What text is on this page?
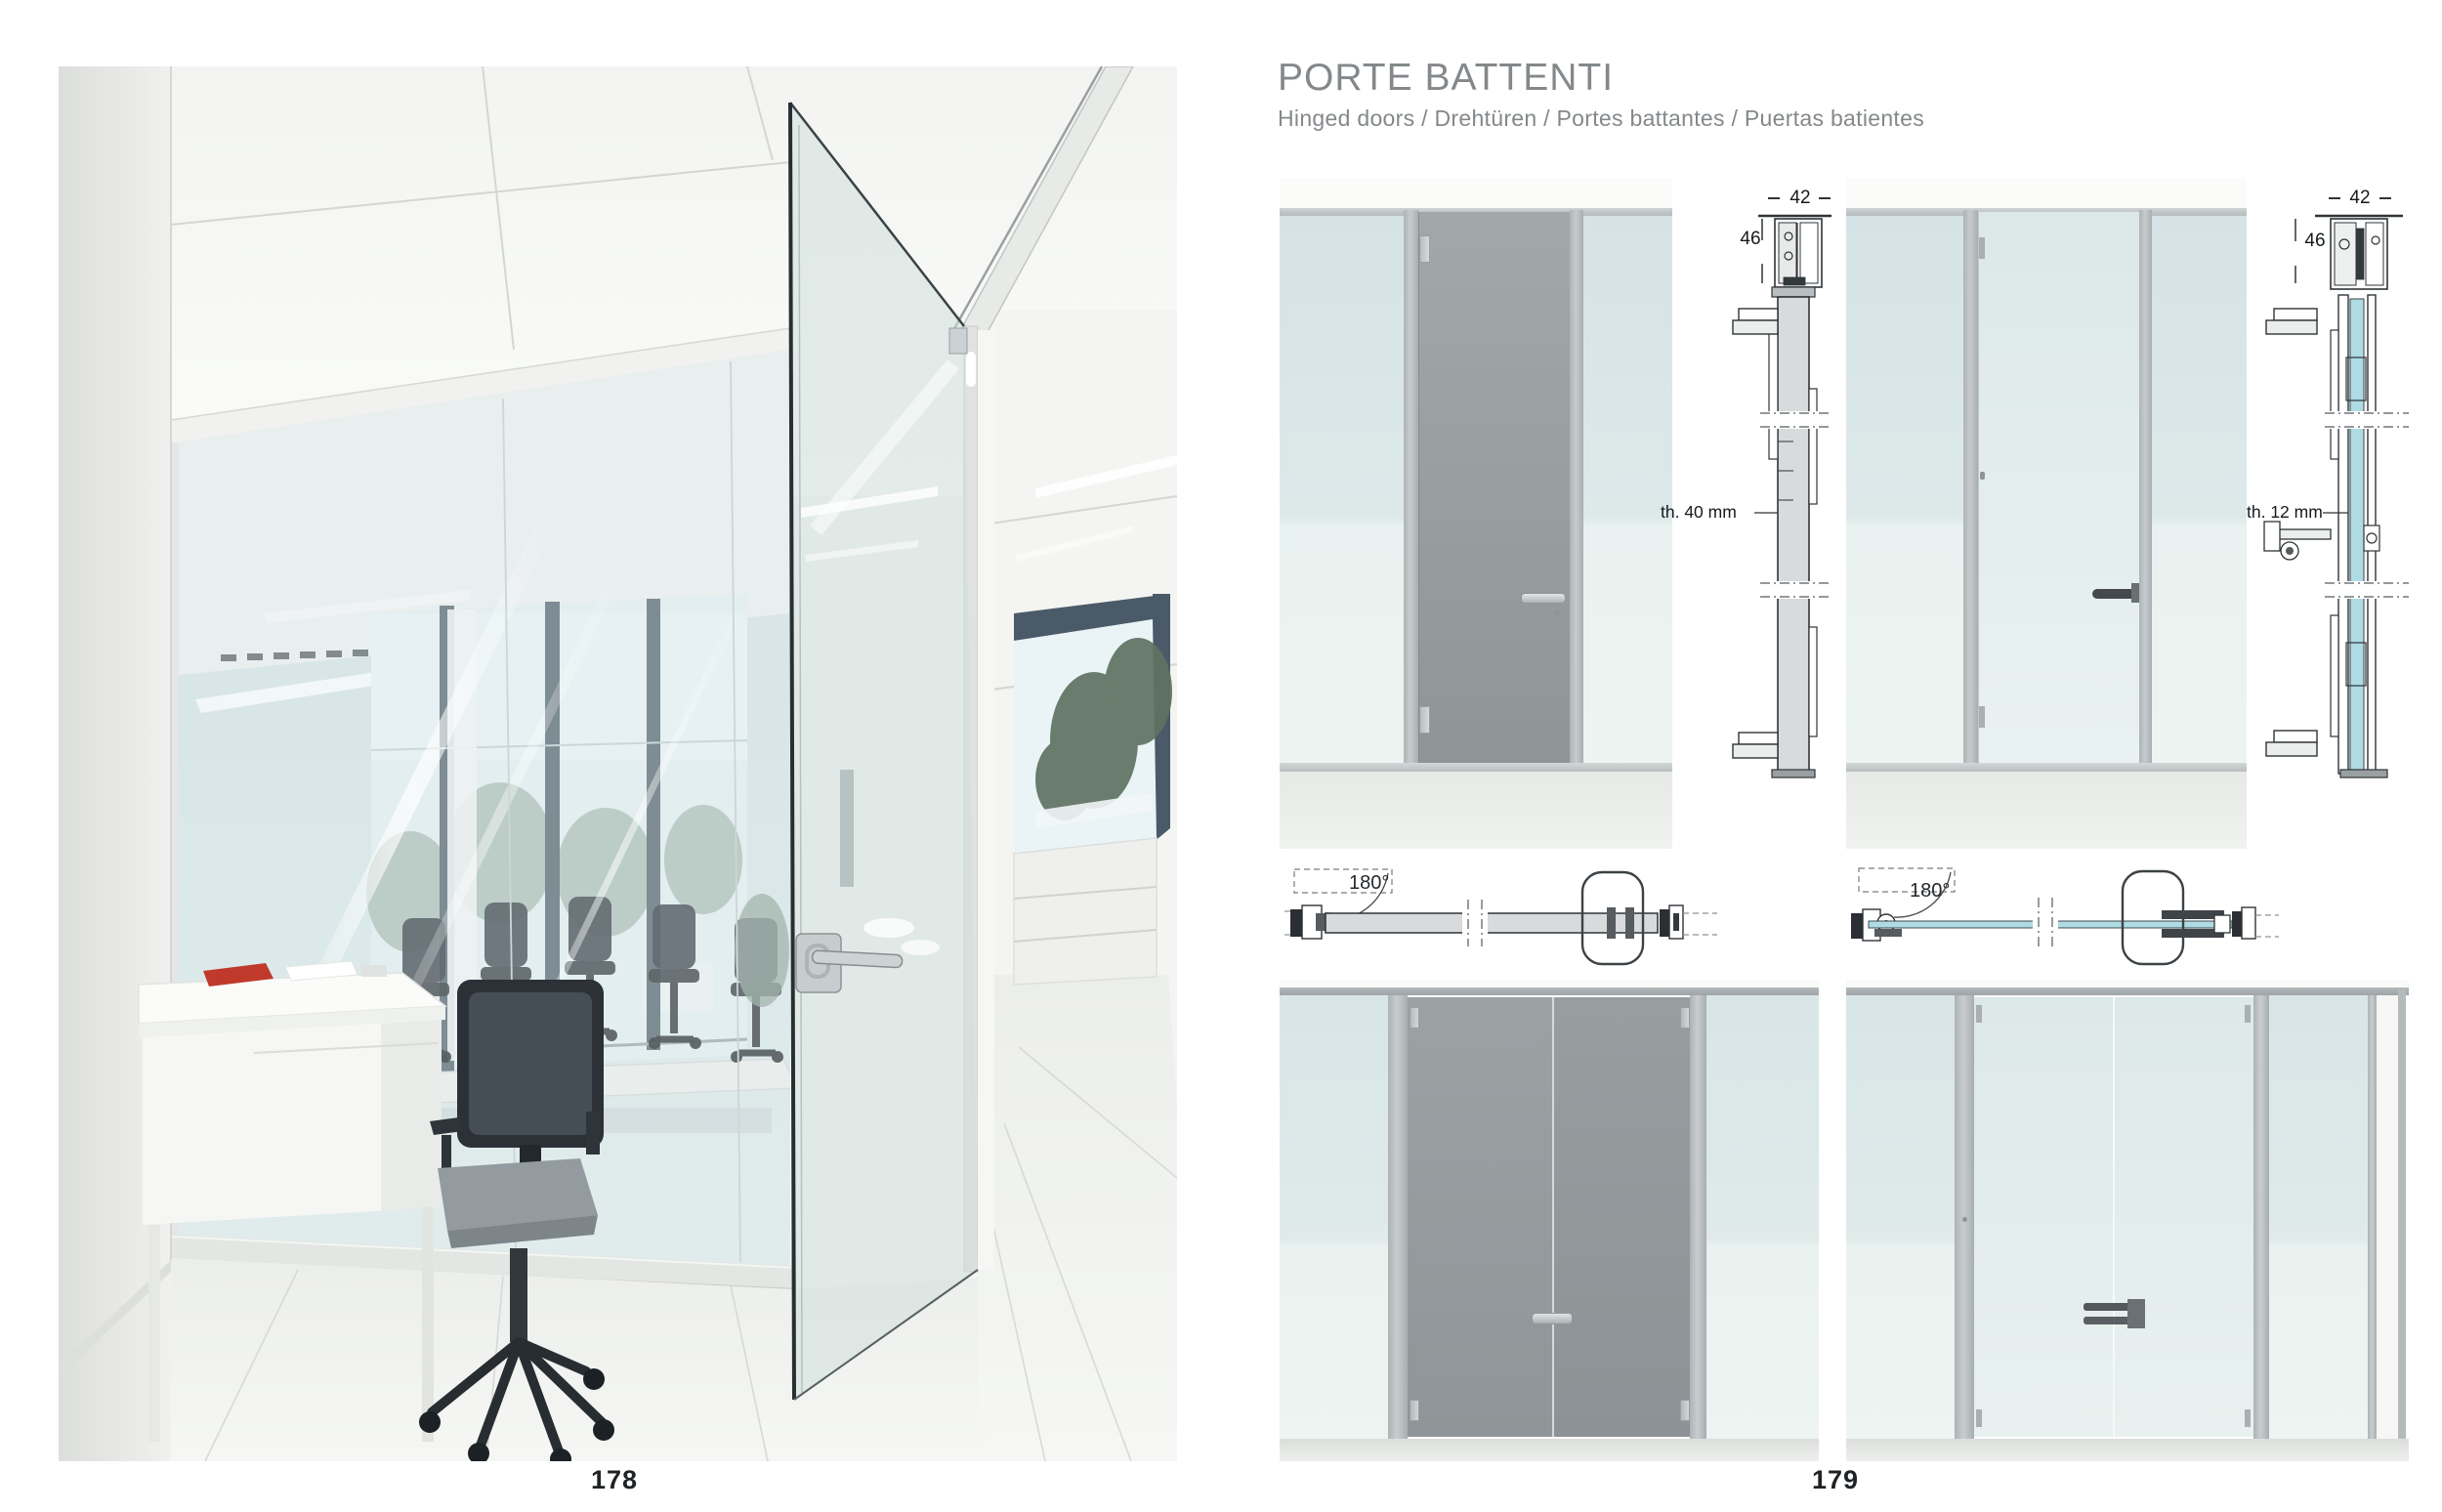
178
PORTE BATTENTI

Hinged doors / Drehtüren / Portes battantes / Puertas batientes

42
46
th. 40 mm
42
46
th. 12 mm
180°	180°
179
